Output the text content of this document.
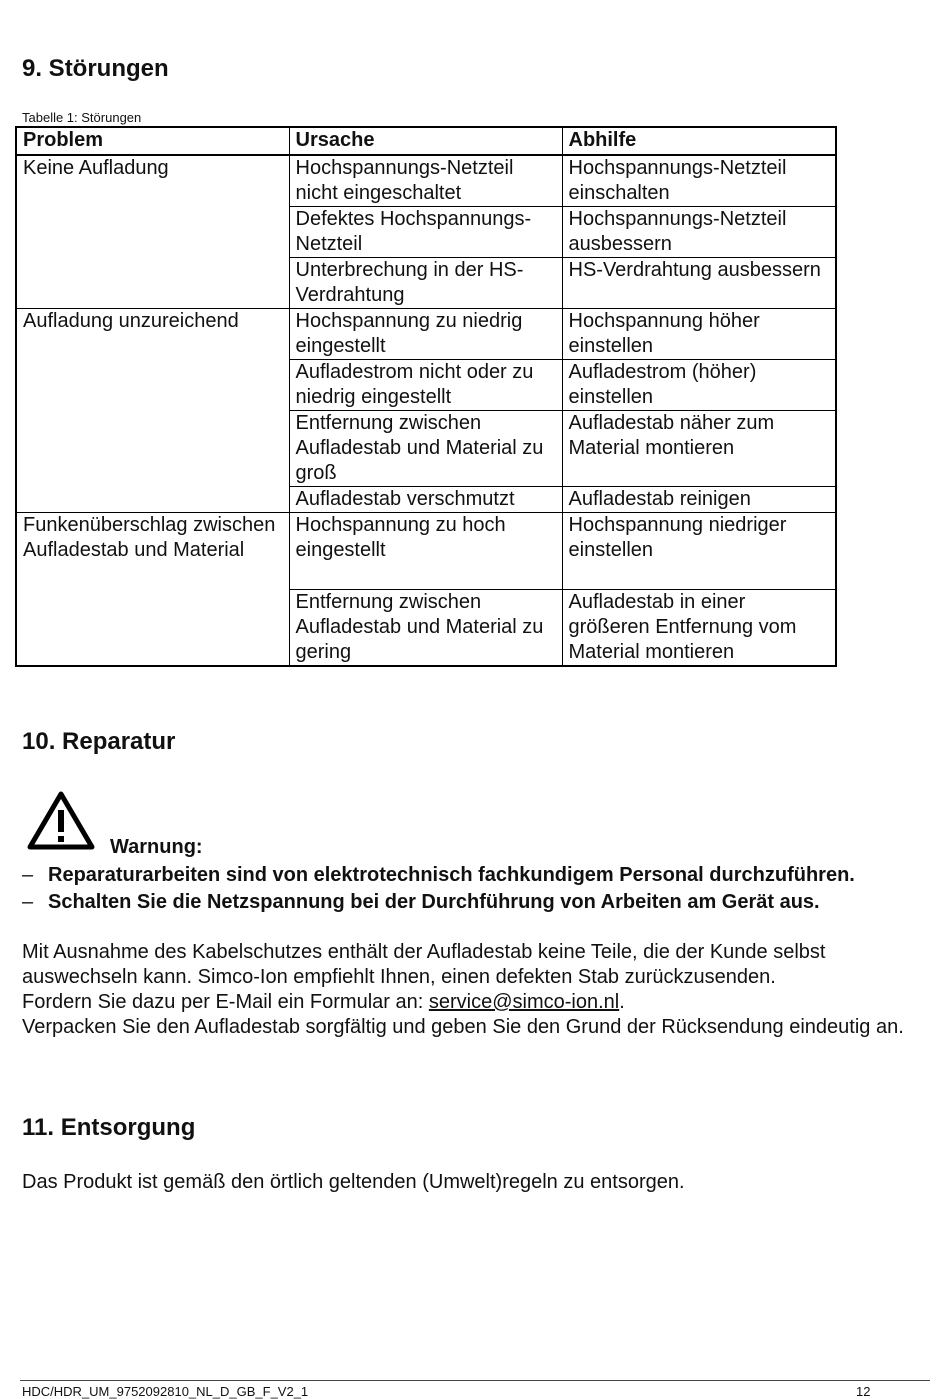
9. Störungen
Tabelle 1: Störungen
Problem	Ursache	Abhilfe
Keine Aufladung	Hochspannungs-Netzteil nicht eingeschaltet	Hochspannungs-Netzteil einschalten
	Defektes Hochspannungs-Netzteil	Hochspannungs-Netzteil ausbessern
	Unterbrechung in der HS-Verdrahtung	HS-Verdrahtung ausbessern
Aufladung unzureichend	Hochspannung zu niedrig eingestellt	Hochspannung höher einstellen
	Aufladestrom nicht oder zu niedrig eingestellt	Aufladestrom (höher) einstellen
	Entfernung zwischen Aufladestab und Material zu groß	Aufladestab näher zum Material montieren
	Aufladestab verschmutzt	Aufladestab reinigen
Funkenüberschlag zwischen Aufladestab und Material	Hochspannung zu hoch eingestellt	Hochspannung niedriger einstellen
	Entfernung zwischen Aufladestab und Material zu gering	Aufladestab in einer größeren Entfernung vom Material montieren
10. Reparatur
Warnung:
– Reparaturarbeiten sind von elektrotechnisch fachkundigem Personal durchzuführen.
– Schalten Sie die Netzspannung bei der Durchführung von Arbeiten am Gerät aus.
Mit Ausnahme des Kabelschutzes enthält der Aufladestab keine Teile, die der Kunde selbst auswechseln kann. Simco-Ion empfiehlt Ihnen, einen defekten Stab zurückzusenden.
Fordern Sie dazu per E-Mail ein Formular an: service@simco-ion.nl.
Verpacken Sie den Aufladestab sorgfältig und geben Sie den Grund der Rücksendung eindeutig an.
11. Entsorgung

Das Produkt ist gemäß den örtlich geltenden (Umwelt)regeln zu entsorgen.

HDC/HDR_UM_9752092810_NL_D_GB_F_V2_1	12
